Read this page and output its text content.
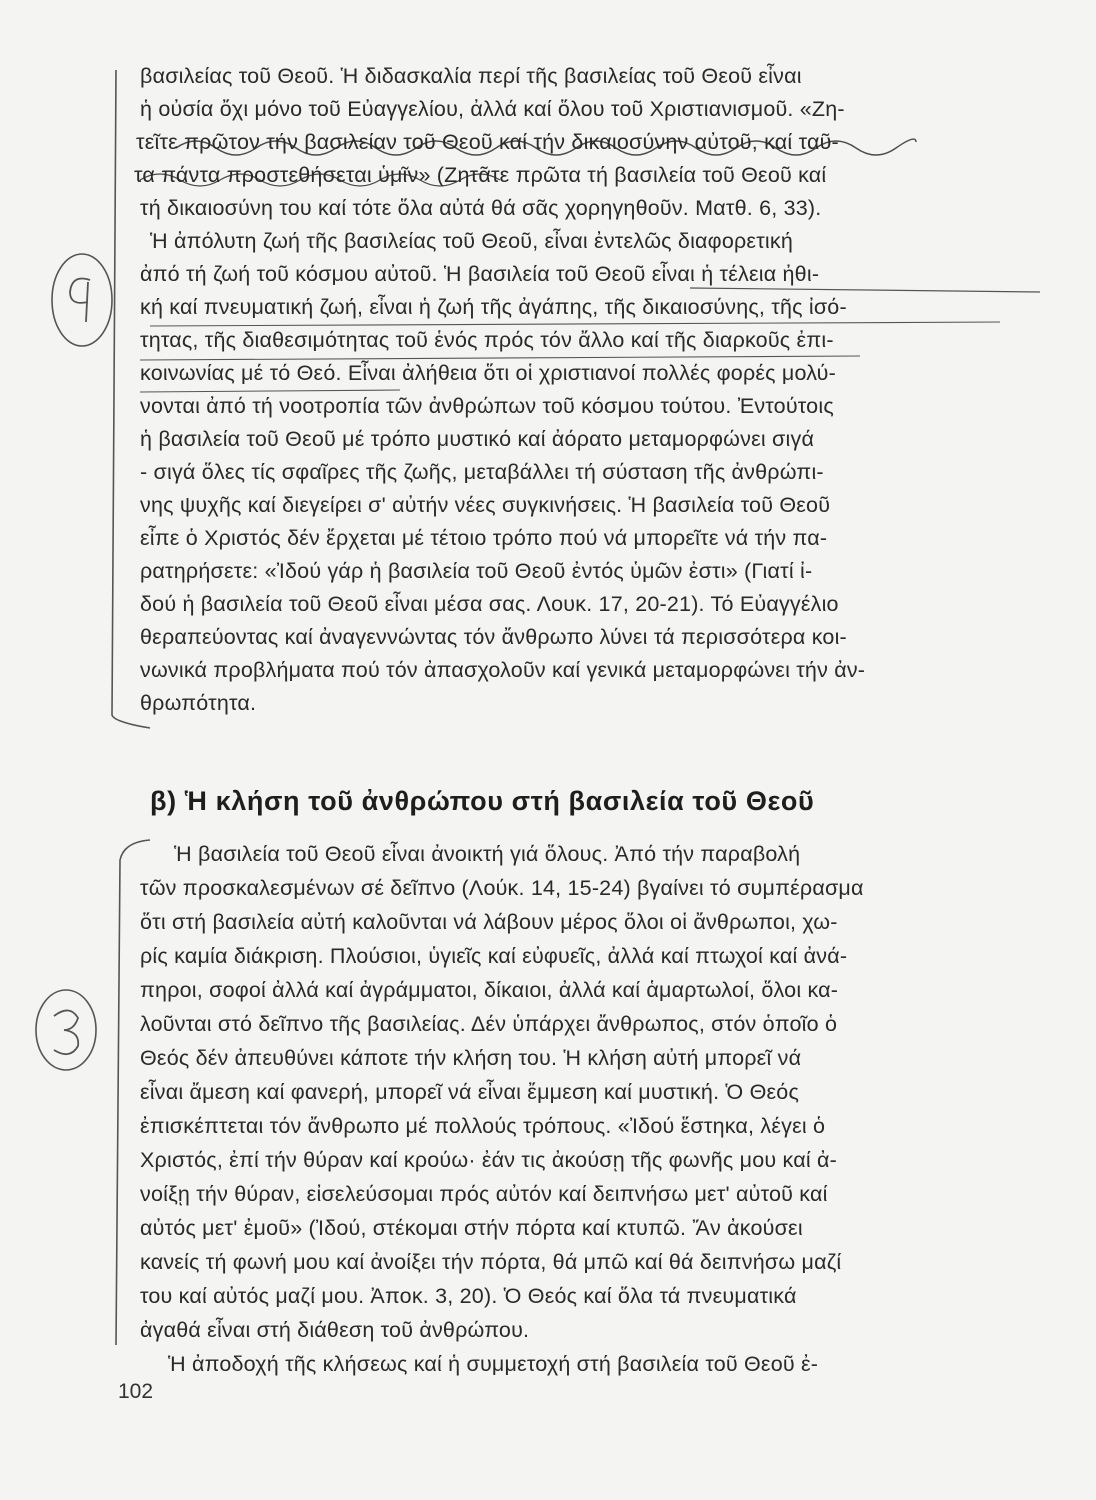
βασιλείας τοῦ Θεοῦ. Ἡ διδασκαλία περί τῆς βασιλείας τοῦ Θεοῦ εἶναι
ἡ οὐσία ὄχι μόνο τοῦ Εὐαγγελίου, ἀλλά καί ὅλου τοῦ Χριστιανισμοῦ. «Ζη-
τεῖτε πρῶτον τήν βασιλείαν τοῦ Θεοῦ καί τήν δικαιοσύνην αὐτοῦ, καί ταῦ-
τα πάντα προστεθήσεται ὑμῖν» (Ζητᾶτε πρῶτα τή βασιλεία τοῦ Θεοῦ καί
τή δικαιοσύνη του καί τότε ὅλα αὐτά θά σᾶς χορηγηθοῦν. Ματθ. 6, 33).
Ἡ ἀπόλυτη ζωή τῆς βασιλείας τοῦ Θεοῦ, εἶναι ἐντελῶς διαφορετική
ἀπό τή ζωή τοῦ κόσμου αὐτοῦ. Ἡ βασιλεία τοῦ Θεοῦ εἶναι ἡ τέλεια ἠθι-
κή καί πνευματική ζωή, εἶναι ἡ ζωή τῆς ἀγάπης, τῆς δικαιοσύνης, τῆς ἰσό-
τητας, τῆς διαθεσιμότητας τοῦ ἑνός πρός τόν ἄλλο καί τῆς διαρκοῦς ἐπι-
κοινωνίας μέ τό Θεό. Εἶναι ἀλήθεια ὅτι οἱ χριστιανοί πολλές φορές μολύ-
νονται ἀπό τή νοοτροπία τῶν ἀνθρώπων τοῦ κόσμου τούτου. Ἐντούτοις
ἡ βασιλεία τοῦ Θεοῦ μέ τρόπο μυστικό καί ἀόρατο μεταμορφώνει σιγά
- σιγά ὅλες τίς σφαῖρες τῆς ζωῆς, μεταβάλλει τή σύσταση τῆς ἀνθρώπι-
νης ψυχῆς καί διεγείρει σ' αὐτήν νέες συγκινήσεις. Ἡ βασιλεία τοῦ Θεοῦ
εἶπε ὁ Χριστός δέν ἔρχεται μέ τέτοιο τρόπο πού νά μπορεῖτε νά τήν πα-
ρατηρήσετε: «Ἰδού γάρ ἡ βασιλεία τοῦ Θεοῦ ἐντός ὑμῶν ἐστι» (Γιατί ἰ-
δού ἡ βασιλεία τοῦ Θεοῦ εἶναι μέσα σας. Λουκ. 17, 20-21). Τό Εὐαγγέλιο
θεραπεύοντας καί ἀναγεννώντας τόν ἄνθρωπο λύνει τά περισσότερα κοι-
νωνικά προβλήματα πού τόν ἀπασχολοῦν καί γενικά μεταμορφώνει τήν ἀν-
θρωπότητα.
β) Ἡ κλήση τοῦ ἀνθρώπου στή βασιλεία τοῦ Θεοῦ
Ἡ βασιλεία τοῦ Θεοῦ εἶναι ἀνοικτή γιά ὅλους. Ἀπό τήν παραβολή
τῶν προσκαλεσμένων σέ δεῖπνο (Λούκ. 14, 15-24) βγαίνει τό συμπέρασμα
ὅτι στή βασιλεία αὐτή καλοῦνται νά λάβουν μέρος ὅλοι οἱ ἄνθρωποι, χω-
ρίς καμία διάκριση. Πλούσιοι, ὑγιεῖς καί εὐφυεῖς, ἀλλά καί πτωχοί καί ἀνά-
πηροι, σοφοί ἀλλά καί ἀγράμματοι, δίκαιοι, ἀλλά καί ἁμαρτωλοί, ὅλοι κα-
λοῦνται στό δεῖπνο τῆς βασιλείας. Δέν ὑπάρχει ἄνθρωπος, στόν ὁποῖο ὁ
Θεός δέν ἀπευθύνει κάποτε τήν κλήση του. Ἡ κλήση αὐτή μπορεῖ νά
εἶναι ἄμεση καί φανερή, μπορεῖ νά εἶναι ἔμμεση καί μυστική. Ὁ Θεός
ἐπισκέπτεται τόν ἄνθρωπο μέ πολλούς τρόπους. «Ἰδού ἕστηκα, λέγει ὁ
Χριστός, ἐπί τήν θύραν καί κρούω· ἐάν τις ἀκούσῃ τῆς φωνῆς μου καί ἀ-
νοίξῃ τήν θύραν, εἰσελεύσομαι πρός αὐτόν καί δειπνήσω μετ' αὐτοῦ καί
αὐτός μετ' ἐμοῦ» (Ἰδού, στέκομαι στήν πόρτα καί κτυπῶ. Ἄν ἀκούσει
κανείς τή φωνή μου καί ἀνοίξει τήν πόρτα, θά μπῶ καί θά δειπνήσω μαζί
του καί αὐτός μαζί μου. Ἀποκ. 3, 20). Ὁ Θεός καί ὅλα τά πνευματικά
ἀγαθά εἶναι στή διάθεση τοῦ ἀνθρώπου.
Ἡ ἀποδοχή τῆς κλήσεως καί ἡ συμμετοχή στή βασιλεία τοῦ Θεοῦ ἐ-
102
